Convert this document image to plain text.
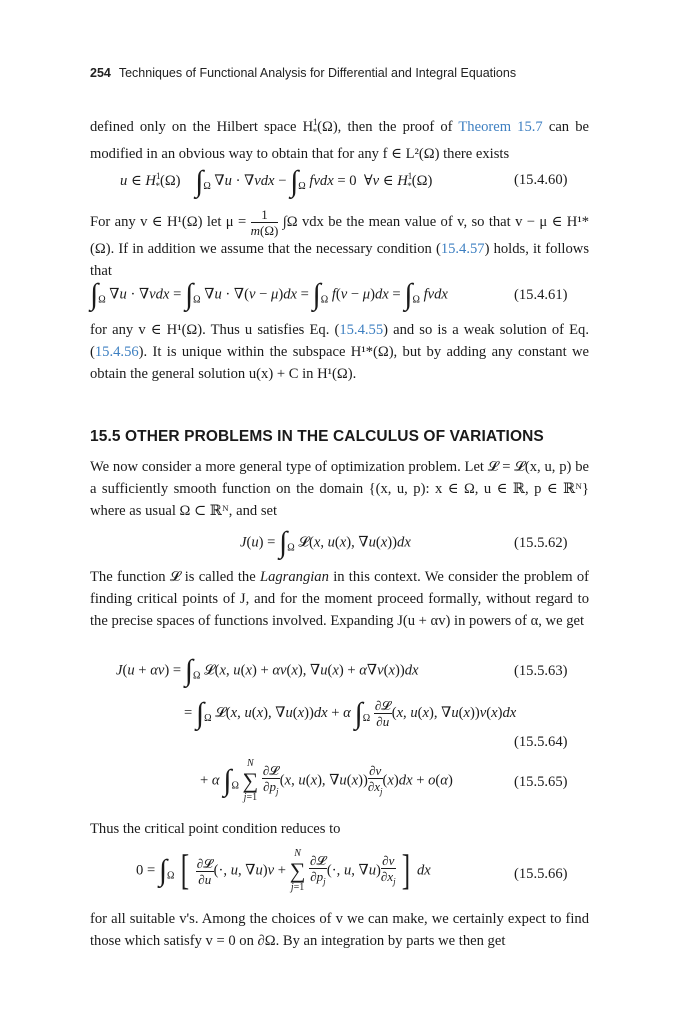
254 Techniques of Functional Analysis for Differential and Integral Equations
defined only on the Hilbert space $H^1_*(\Omega)$, then the proof of Theorem 15.7 can be modified in an obvious way to obtain that for any f ∈ L²(Ω) there exists
u ∈ $H^1_*(\Omega)$    $\int_\Omega$ $\nabla u \cdot \nabla vdx - \int_\Omega$ fvdx = 0  ∀v ∈ $H^1_*(\Omega)$	(15.4.60)
For any v ∈ H¹(Ω) let $\mu = \frac{1}{m(\Omega)} \int\Omega$ vdx be the mean value of v, so that v − μ ∈ H¹*(Ω). If in addition we assume that the necessary condition (15.4.57) holds, it follows that
$\int_\Omega$ $\nabla u \cdot \nabla vdx = \int_\Omega$ $\nabla u \cdot \nabla(v - \mu)dx = \int_\Omega$ $f(v - \mu)dx = \int_\Omega$ fvdx	(15.4.61)
for any v ∈ H¹(Ω). Thus u satisfies Eq. (15.4.55) and so is a weak solution of Eq. (15.4.56). It is unique within the subspace H¹*(Ω), but by adding any constant we obtain the general solution u(x) + C in H¹(Ω).
15.5 OTHER PROBLEMS IN THE CALCULUS OF VARIATIONS
We now consider a more general type of optimization problem. Let 𝓛 = 𝓛(x, u, p) be a sufficiently smooth function on the domain {(x, u, p): x ∈ Ω, u ∈ ℝ, p ∈ ℝᴺ} where as usual Ω ⊂ ℝᴺ, and set
$J(u) = \int_\Omega$ 𝓛(x, u(x), ∇u(x))dx	(15.5.62)
The function 𝓛 is called the Lagrangian in this context. We consider the problem of finding critical points of J, and for the moment proceed formally, without regard to the precise spaces of functions involved. Expanding J(u + αv) in powers of α, we get
$J(u + \alpha v) = \int_\Omega$ 𝓛(x, u(x) + αv(x), ∇u(x) + α∇v(x))dx	(15.5.63)
= $\int_\Omega$ 𝓛(x, u(x), ∇u(x))dx + α $\int_\Omega \frac{\text{∂𝓛}}{\partial u} (x$, u(x), ∇u(x))v(x)dx
(15.5.64)
+ α $\int_\Omega$
N
∑
j=1
$\frac{\text{∂𝓛}}{\partial p_j} (x$, u(x), $\nabla u(x)) \frac{\partial v}{\partial x_j} (x)dx + o(\alpha)$	(15.5.65)
Thus the critical point condition reduces to
$0 = \int_\Omega$ [ $\frac{\text{∂𝓛}}{\partial u}$ (·, u, ∇u)v +
N
∑
j=1
$\frac{\text{∂𝓛}}{\partial p_j}$ (·, u, $\nabla u) \frac{\partial v}{\partial x_j}$ ] dx	(15.5.66)
for all suitable v's. Among the choices of v we can make, we certainly expect to find those which satisfy v = 0 on ∂Ω. By an integration by parts we then get
